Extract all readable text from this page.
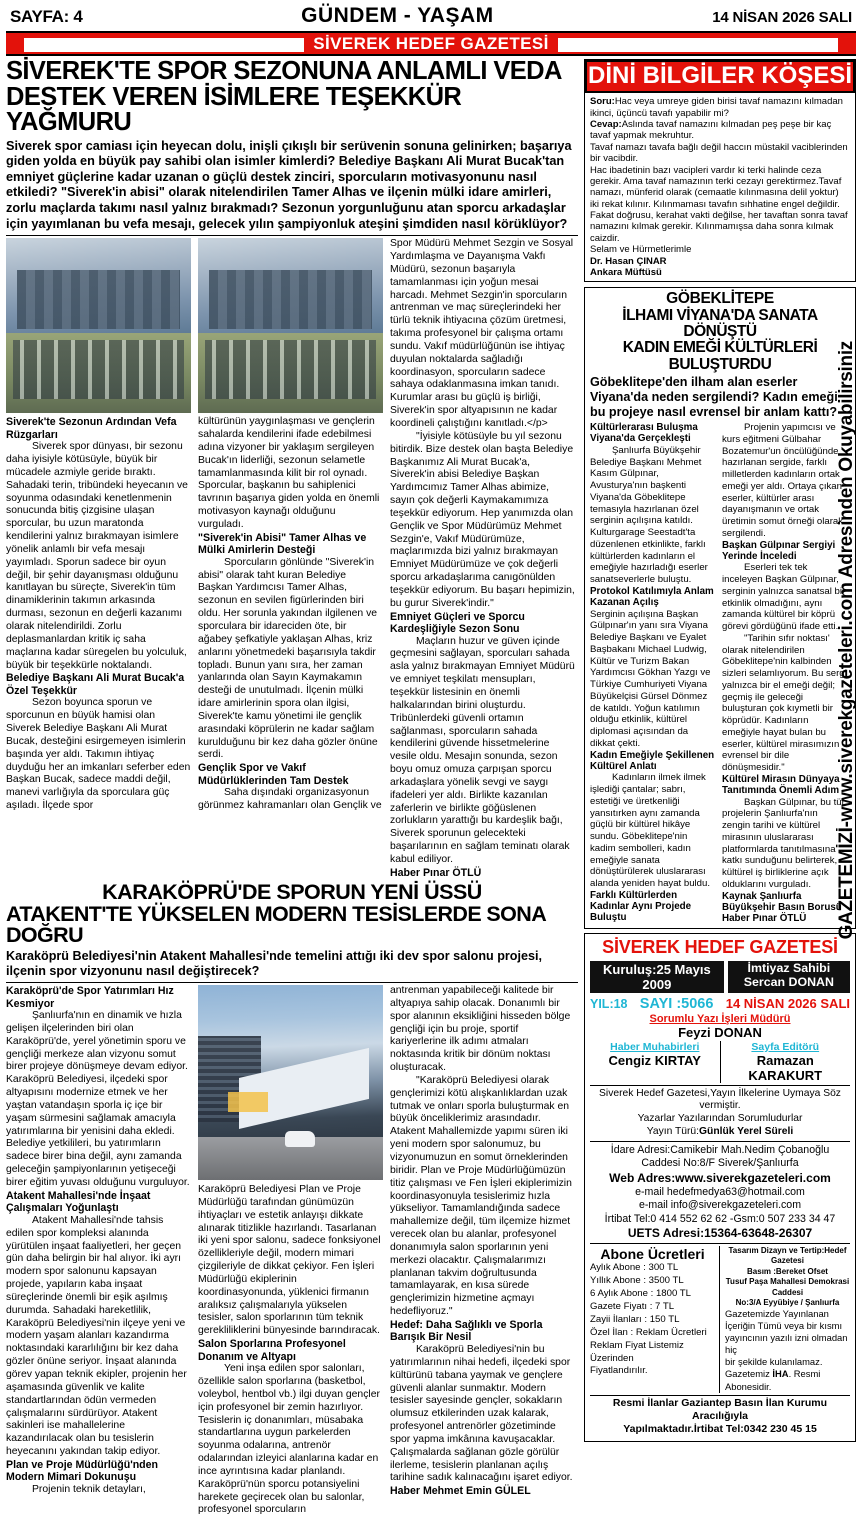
SAYFA: 4	GÜNDEM - YAŞAM	14 NİSAN 2026 SALI
SİVEREK HEDEF GAZETESİ
SİVEREK'TE SPOR SEZONUNA ANLAMLI VEDA
DESTEK VEREN İSİMLERE TEŞEKKÜR YAĞMURU
Siverek spor camiası için heyecan dolu, inişli çıkışlı bir serüvenin sonuna gelinirken; başarıya giden yolda en büyük pay sahibi olan isimler kimlerdi? Belediye Başkanı Ali Murat Bucak'tan emniyet güçlerine kadar uzanan o güçlü destek zinciri, sporcuların motivasyonunu nasıl etkiledi? "Siverek'in abisi" olarak nitelendirilen Tamer Alhas ve ilçenin mülki idare amirleri, zorlu maçlarda takımı nasıl yalnız bırakmadı? Sezonun yorgunluğunu atan sporcu arkadaşlar için yayımlanan bu vefa mesajı, gelecek yılın şampiyonluk ateşini şimdiden nasıl körüklüyor?
Siverek'te Sezonun Ardından Vefa Rüzgarları

Siverek spor dünyası, bir sezonu daha iyisiyle kötüsüyle, büyük bir mücadele azmiyle geride bıraktı. Sahadaki terin, tribündeki heyecanın ve soyunma odasındaki kenetlenmenin sonucunda bitiş çizgisine ulaşan sporcular, bu uzun maratonda kendilerini yalnız bırakmayan isimlere yönelik anlamlı bir vefa mesajı yayımladı. Sporun sadece bir oyun değil, bir şehir dayanışması olduğunu kanıtlayan bu süreçte, Siverek'in tüm dinamiklerinin takımın arkasında durması, sezonun en değerli kazanımı olarak nitelendirildi. Zorlu deplasmanlardan kritik iç saha maçlarına kadar süregelen bu yolculuk, büyük bir teşekkürle noktalandı.

Belediye Başkanı Ali Murat Bucak'a Özel Teşekkür

Sezon boyunca sporun ve sporcunun en büyük hamisi olan Siverek Belediye Başkanı Ali Murat Bucak, desteğini esirgemeyen isimlerin başında yer aldı. Takımın ihtiyaç duyduğu her an imkanları seferber eden Başkan Bucak, sadece maddi değil, manevi varlığıyla da sporculara güç aşıladı. İlçede spor

kültürünün yaygınlaşması ve gençlerin sahalarda kendilerini ifade edebilmesi adına vizyoner bir yaklaşım sergileyen Bucak'ın liderliği, sezonun selametle tamamlanmasında kilit bir rol oynadı. Sporcular, başkanın bu sahiplenici tavrının başarıya giden yolda en önemli motivasyon kaynağı olduğunu vurguladı.

"Siverek'in Abisi" Tamer Alhas ve Mülki Amirlerin Desteği

Sporcuların gönlünde "Siverek'in abisi" olarak taht kuran Belediye Başkan Yardımcısı Tamer Alhas, sezonun en sevilen figürlerinden biri oldu. Her sorunla yakından ilgilenen ve sporculara bir idareciden öte, bir ağabey şefkatiyle yaklaşan Alhas, kriz anlarını yönetmedeki başarısıyla takdir topladı. Bunun yanı sıra, her zaman yanlarında olan Sayın Kaymakamın desteği de unutulmadı. İlçenin mülki idare amirlerinin spora olan ilgisi, Siverek'te kamu yönetimi ile gençlik arasındaki köprülerin ne kadar sağlam kurulduğunu bir kez daha gözler önüne serdi.

Gençlik Spor ve Vakıf Müdürlüklerinden Tam Destek

Saha dışındaki organizasyonun görünmez kahramanları olan Gençlik ve

Spor Müdürü Mehmet Sezgin ve Sosyal Yardımlaşma ve Dayanışma Vakfı Müdürü, sezonun başarıyla tamamlanması için yoğun mesai harcadı. Mehmet Sezgin'in sporcuların antrenman ve maç süreçlerindeki her türlü teknik ihtiyacına çözüm üretmesi, takıma profesyonel bir çalışma ortamı sundu. Vakıf müdürlüğünün ise ihtiyaç duyulan noktalarda sağladığı koordinasyon, sporcuların sadece sahaya odaklanmasına imkan tanıdı. Kurumlar arası bu güçlü iş birliği, Siverek'in spor altyapısının ne kadar koordineli çalıştığını kanıtladı.</p>

"İyisiyle kötüsüyle bu yıl sezonu bitirdik. Bize destek olan başta Belediye Başkanımız Ali Murat Bucak'a, Siverek'in abisi Belediye Başkan Yardımcımız Tamer Alhas abimize, sayın çok değerli Kaymakamımıza teşekkür ediyorum. Hep yanımızda olan Gençlik ve Spor Müdürümüz Mehmet Sezgin'e, Vakıf Müdürümüze, maçlarımızda bizi yalnız bırakmayan Emniyet Müdürümüze ve çok değerli sporcu arkadaşlarıma canıgönülden teşekkür ediyorum. Bu başarı hepimizin, bu gurur Siverek'indir."

Emniyet Güçleri ve Sporcu Kardeşliğiyle Sezon Sonu

Maçların huzur ve güven içinde geçmesini sağlayan, sporcuları sahada asla yalnız bırakmayan Emniyet Müdürü ve emniyet teşkilatı mensupları, teşekkür listesinin en önemli halkalarından birini oluşturdu. Tribünlerdeki güvenli ortamın sağlanması, sporcuların sahada kendilerini güvende hissetmelerine vesile oldu. Mesajın sonunda, sezon boyu omuz omuza çarpışan sporcu arkadaşlara yönelik sevgi ve saygı ifadeleri yer aldı. Birlikte kazanılan zaferlerin ve birlikte göğüslenen zorlukların yarattığı bu kardeşlik bağı, Siverek sporunun gelecekteki başarılarının en sağlam teminatı olarak kabul ediliyor.

Haber Pınar ÖTLÜ
KARAKÖPRÜ'DE SPORUN YENİ ÜSSÜ
ATAKENT'TE YÜKSELEN MODERN TESİSLERDE SONA DOĞRU
Karaköprü Belediyesi'nin Atakent Mahallesi'nde temelini attığı iki dev spor salonu projesi, ilçenin spor vizyonunu nasıl değiştirecek?
Karaköprü'de Spor Yatırımları Hız Kesmiyor

Şanlıurfa'nın en dinamik ve hızla gelişen ilçelerinden biri olan Karaköprü'de, yerel yönetimin sporu ve gençliği merkeze alan vizyonu somut birer projeye dönüşmeye devam ediyor. Karaköprü Belediyesi, ilçedeki spor altyapısını modernize etmek ve her yaştan vatandaşın sporla iç içe bir yaşam sürmesini sağlamak amacıyla yatırımlarına bir yenisini daha ekledi. Belediye yetkilileri, bu yatırımların sadece birer bina değil, aynı zamanda geleceğin şampiyonlarının yetişeceği birer eğitim yuvası olduğunu vurguluyor.

Atakent Mahallesi'nde İnşaat Çalışmaları Yoğunlaştı

Atakent Mahallesi'nde tahsis edilen spor kompleksi alanında yürütülen inşaat faaliyetleri, her geçen gün daha belirgin bir hal alıyor. İki ayrı modern spor salonunu kapsayan projede, yapıların kaba inşaat süreçlerinde önemli bir eşik aşılmış durumda. Sahadaki hareketlilik, Karaköprü Belediyesi'nin ilçeye yeni ve modern yaşam alanları kazandırma noktasındaki kararlılığını bir kez daha gözler önüne seriyor. İnşaat alanında görev yapan teknik ekipler, projenin her aşamasında güvenlik ve kalite standartlarından ödün vermeden çalışmalarını sürdürüyor. Atakent sakinleri ise mahallelerine kazandırılacak olan bu tesislerin heyecanını yakından takip ediyor.

Plan ve Proje Müdürlüğü'nden Modern Mimari Dokunuşu

Projenin teknik detayları,

Karaköprü Belediyesi Plan ve Proje Müdürlüğü tarafından günümüzün ihtiyaçları ve estetik anlayışı dikkate alınarak titizlikle hazırlandı. Tasarlanan iki yeni spor salonu, sadece fonksiyonel özellikleriyle değil, modern mimari çizgileriyle de dikkat çekiyor. Fen İşleri Müdürlüğü ekiplerinin koordinasyonunda, yüklenici firmanın aralıksız çalışmalarıyla yükselen tesisler, salon sporlarının tüm teknik gerekliliklerini bünyesinde barındıracak.

Salon Sporlarına Profesyonel Donanım ve Altyapı

Yeni inşa edilen spor salonları, özellikle salon sporlarına (basketbol, voleybol, hentbol vb.) ilgi duyan gençler için profesyonel bir zemin hazırlıyor. Tesislerin iç donanımları, müsabaka standartlarına uygun parkelerden soyunma odalarına, antrenör odalarından izleyici alanlarına kadar en ince ayrıntısına kadar planlandı. Karaköprü'nün sporcu potansiyelini harekete geçirecek olan bu salonlar, profesyonel sporcuların

antrenman yapabileceği kalitede bir altyapıya sahip olacak. Donanımlı bir spor alanının eksikliğini hisseden bölge gençliği için bu proje, sportif kariyerlerine ilk adımı atmaları noktasında kritik bir dönüm noktası oluşturacak.

"Karaköprü Belediyesi olarak gençlerimizi kötü alışkanlıklardan uzak tutmak ve onları sporla buluşturmak en büyük önceliklerimiz arasındadır. Atakent Mahallemizde yapımı süren iki yeni modern spor salonumuz, bu vizyonumuzun en somut örneklerinden biridir. Plan ve Proje Müdürlüğümüzün titiz çalışması ve Fen İşleri ekiplerimizin koordinasyonuyla tesislerimiz hızla yükseliyor. Tamamlandığında sadece mahallemize değil, tüm ilçemize hizmet verecek olan bu alanlar, profesyonel donanımıyla salon sporlarının yeni merkezi olacaktır. Çalışmalarımızı planlanan takvim doğrultusunda tamamlayarak, en kısa sürede gençlerimizin hizmetine açmayı hedefliyoruz."

Hedef: Daha Sağlıklı ve Sporla Barışık Bir Nesil

Karaköprü Belediyesi'nin bu yatırımlarının nihai hedefi, ilçedeki spor kültürünü tabana yaymak ve gençlere güvenli alanlar sunmaktır. Modern tesisler sayesinde gençler, sokakların olumsuz etkilerinden uzak kalarak, profesyonel antrenörler gözetiminde spor yapma imkânına kavuşacaklar. Çalışmalarda sağlanan gözle görülür ilerleme, tesislerin planlanan açılış tarihine sadık kalınacağını işaret ediyor.

Haber Mehmet Emin GÜLEL
DİNİ BİLGİLER KÖŞESİ

Soru:Hac veya umreye giden birisi tavaf namazını kılmadan ikinci, üçüncü tavafı yapabilir mi?

Cevap:Aslında tavaf namazını kılmadan peş peşe bir kaç tavaf yapmak mekruhtur.

Tavaf namazı tavafa bağlı değil haccın müstakil vaciblerinden bir vacibdir.

Hac ibadetinin bazı vacipleri vardır ki terki halinde ceza gerekir. Ama tavaf namazının terki cezayı gerektirmez.Tavaf namazı, münferid olarak (cemaatle kılınmasına delil yoktur) iki rekat kılınır. Kılınmaması tavafın sıhhatine engel değildir. Fakat doğrusu, kerahat vakti değilse, her tavaftan sonra tavaf namazını kılmak gerekir. Kılınmamışsa daha sonra kılmak caizdir.

Selam ve Hürmetlerimle

Dr. Hasan ÇINAR

Ankara Müftüsü

GÖBEKLİTEPE
İLHAMI VİYANA'DA SANATA DÖNÜŞTÜ
KADIN EMEĞİ KÜLTÜRLERİ BULUŞTURDU
Göbeklitepe'den ilham alan eserler Viyana'da neden sergilendi? Kadın emeği bu projeye nasıl evrensel bir anlam kattı?
Kültürlerarası Buluşma Viyana'da Gerçekleşti

Şanlıurfa Büyükşehir Belediye Başkanı Mehmet Kasım Gülpınar, Avusturya'nın başkenti Viyana'da Göbeklitepe temasıyla hazırlanan özel serginin açılışına katıldı. Kulturgarage Seestadt'ta düzenlenen etkinlikte, farklı kültürlerden kadınların el emeğiyle hazırladığı eserler sanatseverlerle buluştu.

Protokol Katılımıyla Anlam Kazanan Açılış

Serginin açılışına Başkan Gülpınar'ın yanı sıra Viyana Belediye Başkanı ve Eyalet Başbakanı Michael Ludwig, Kültür ve Turizm Bakan Yardımcısı Gökhan Yazgı ve Türkiye Cumhuriyeti Viyana Büyükelçisi Gürsel Dönmez de katıldı. Yoğun katılımın olduğu etkinlik, kültürel diplomasi açısından da dikkat çekti.

Kadın Emeğiyle Şekillenen Kültürel Anlatı

Kadınların ilmek ilmek işlediği çantalar; sabrı, estetiği ve üretkenliği yansıtırken aynı zamanda güçlü bir kültürel hikâye sundu. Göbeklitepe'nin kadim sembolleri, kadın emeğiyle sanata dönüştürülerek uluslararası alanda yeniden hayat buldu.

Farklı Kültürlerden Kadınlar Aynı Projede Buluştu

Projenin yapımcısı ve kurs eğitmeni Gülbahar Bozatemur'un öncülüğünde hazırlanan sergide, farklı milletlerden kadınların ortak emeği yer aldı. Ortaya çıkan eserler, kültürler arası dayanışmanın ve ortak üretimin somut örneği olarak sergilendi.

Başkan Gülpınar Sergiyi Yerinde İnceledi

Eserleri tek tek inceleyen Başkan Gülpınar, serginin yalnızca sanatsal bir etkinlik olmadığını, aynı zamanda kültürel bir köprü görevi gördüğünü ifade etti.

"Tarihin sıfır noktası' olarak nitelendirilen Göbeklitepe'nin kalbinden sizleri selamlıyorum. Bu sergi yalnızca bir el emeği değil; geçmiş ile geleceği buluşturan çok kıymetli bir köprüdür. Kadınların emeğiyle hayat bulan bu eserler, kültürel mirasımızın evrensel bir dile dönüşmesidir."

Kültürel Mirasın Dünyaya Tanıtımında Önemli Adım

Başkan Gülpınar, bu tür projelerin Şanlıurfa'nın zengin tarihi ve kültürel mirasının uluslararası platformlarda tanıtılmasına katkı sunduğunu belirterek, kültürel iş birliklerine açık olduklarını vurguladı.

Kaynak Şanlıurfa Büyükşehir Basın Borusü
Haber Pınar ÖTLÜ
SİVEREK HEDEF GAZETESİ
Kuruluş:25 Mayıs 2009
İmtiyaz Sahibi
Sercan DONAN
YIL:18 SAYI :5066 14 NİSAN 2026 SALI
Sorumlu Yazı İşleri Müdürü
Feyzi DONAN
Haber Muhabirleri
Cengiz KIRTAY
Sayfa Editörü
Ramazan KARAKURT
Siverek Hedef Gazetesi,Yayın İlkelerine Uymaya Söz vermiştir.
Yazarlar Yazılarından Sorumludurlar
Yayın Türü:Günlük Yerel Süreli
İdare Adresi:Camikebir Mah.Nedim Çobanoğlu
Caddesi No:8/F Siverek/Şanlıurfa
Web Adres:www.siverekgazeteleri.com
e-mail hedefmedya63@hotmail.com
e-mail info@siverekgazeteleri.com
İrtibat Tel:0 414 552 62 62 -Gsm:0 507 233 34 47
UETS Adresi:15364-63648-26307
Abone Ücretleri
Aylık Abone : 300 TL
Yıllık Abone : 3500 TL
6 Aylık Abone : 1800 TL
Gazete Fiyatı : 7 TL
Zayii İlanları : 150 TL
Özel İlan : Reklam Ücretleri
Reklam Fiyat Listemiz Üzerinden
Fiyatlandırılır.
Tasarım Dizayn ve Tertip:Hedef Gazetesi
Basım :Bereket Ofset
Tusuf Paşa Mahallesi Demokrasi Caddesi
No:3/A Eyyübiye / Şanlıurfa
Gazetemizde Yayınlanan
İçeriğin Tümü veya bir kısmı
yayıncının yazılı izni olmadan hiç
bir şekilde kulanılamaz.
Gazetemiz İHA. Resmi Abonesidir.
Resmi İlanlar Gaziantep Basın İlan Kurumu Aracılığıyla
Yapılmaktadır.İrtibat Tel:0342 230 45 15
GAZETEMİZİ-www.siverekgazeteleri.com Adresinden Okuyabilirsiniz
